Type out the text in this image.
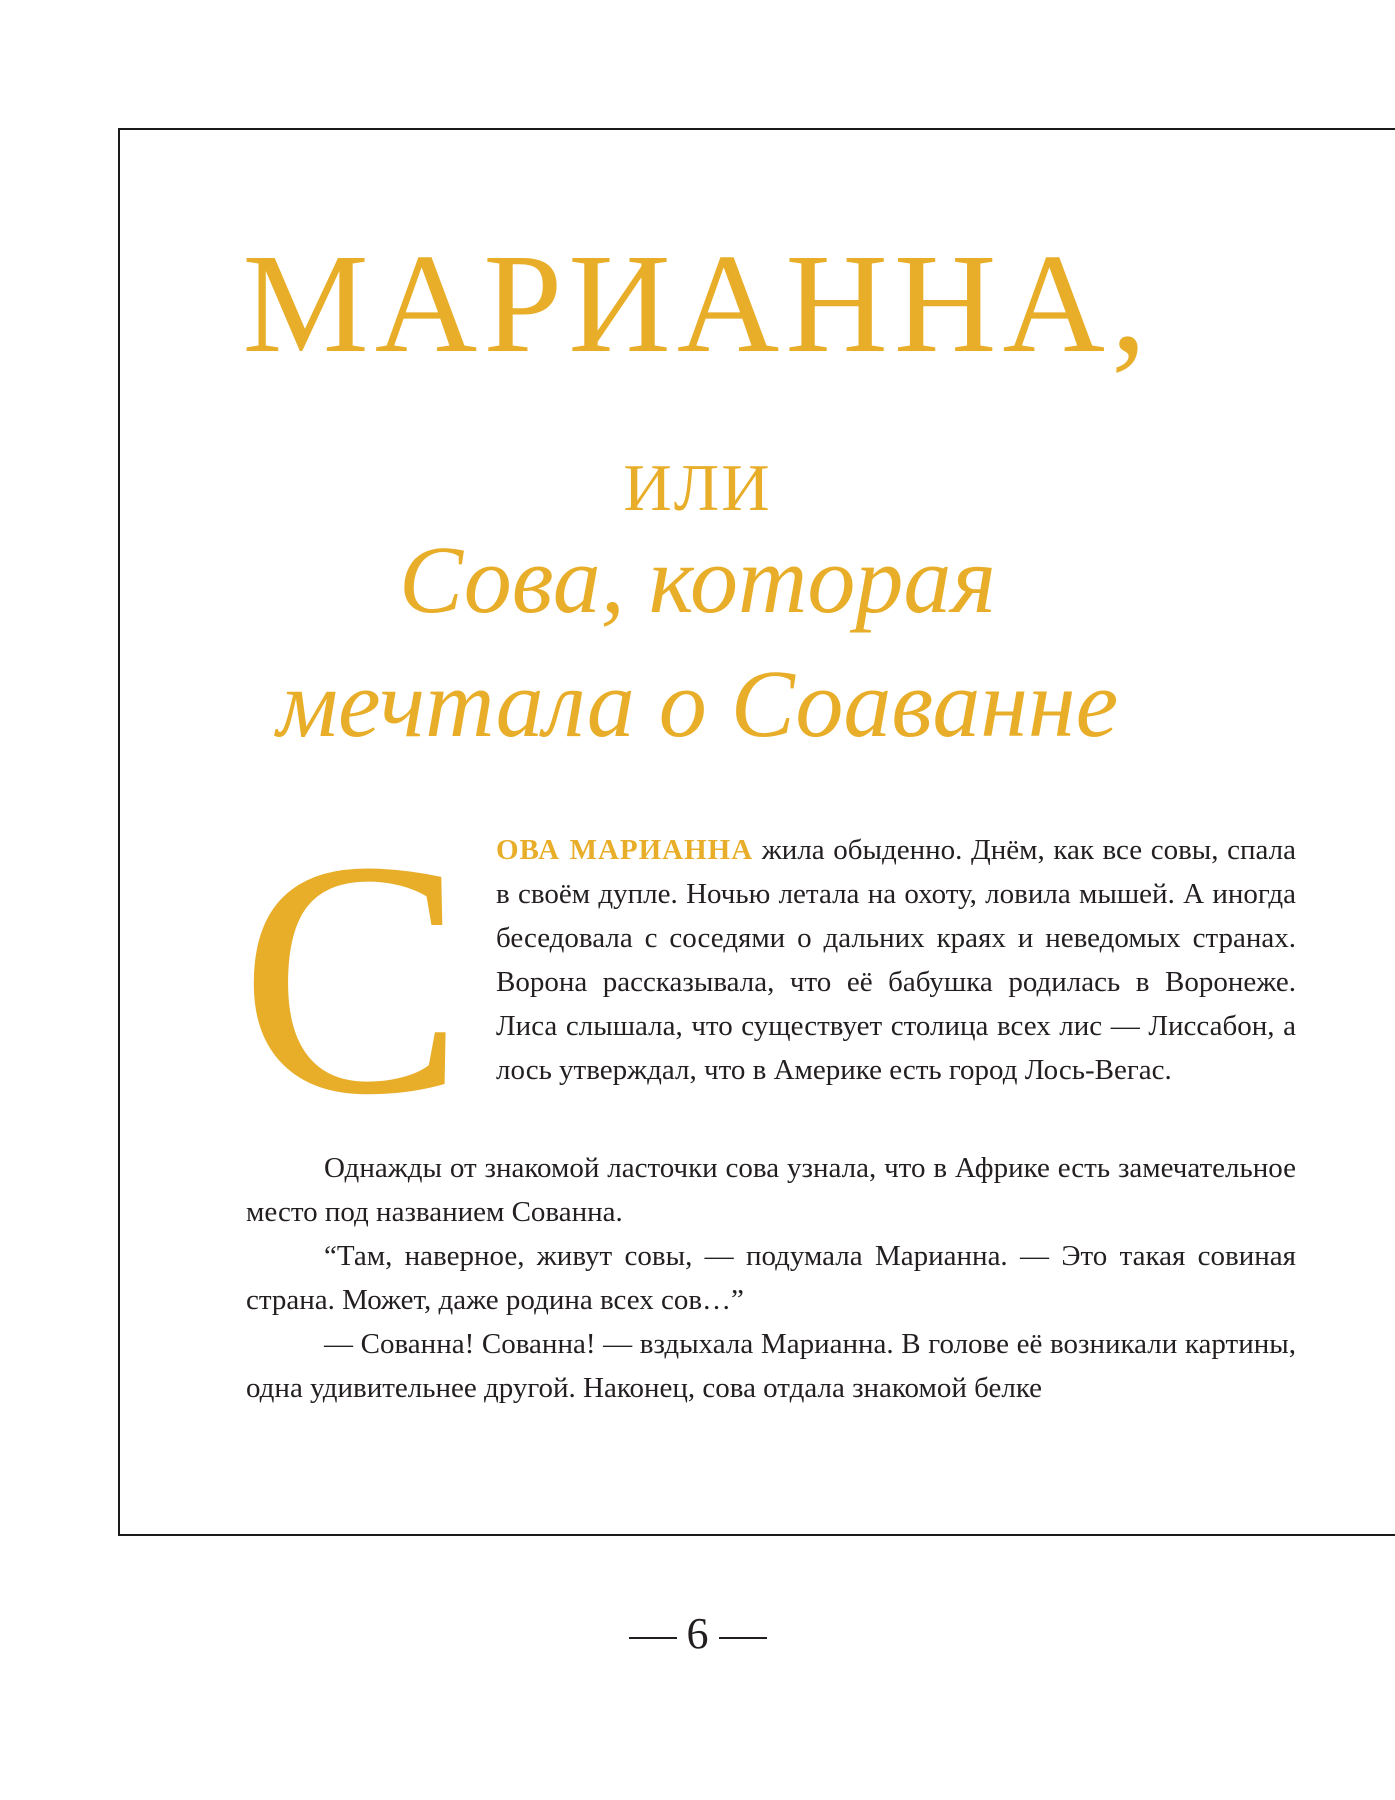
МАРИАННА,
или
Сова, которая
мечтала о Соаванне
С	ОВА МАРИАННА жила обыденно. Днём, как все совы, спала в своём дупле. Ночью летала на охоту, ловила мышей. А иногда беседовала с соседями о дальних краях и неведомых странах. Ворона рассказывала, что её бабушка родилась в Воронеже. Лиса слышала, что существует столица всех лис — Лиссабон, а лось утверждал, что в Америке есть город Лось-Вегас.

Однажды от знакомой ласточки сова узнала, что в Африке есть замечательное место под названием Сованна.

“Там, наверное, живут совы, — подумала Марианна. — Это такая совиная страна. Может, даже родина всех сов…”

— Сованна! Сованна! — вздыхала Марианна. В голове её возникали картины, одна удивительнее другой. Наконец, сова отдала знакомой белке

6
